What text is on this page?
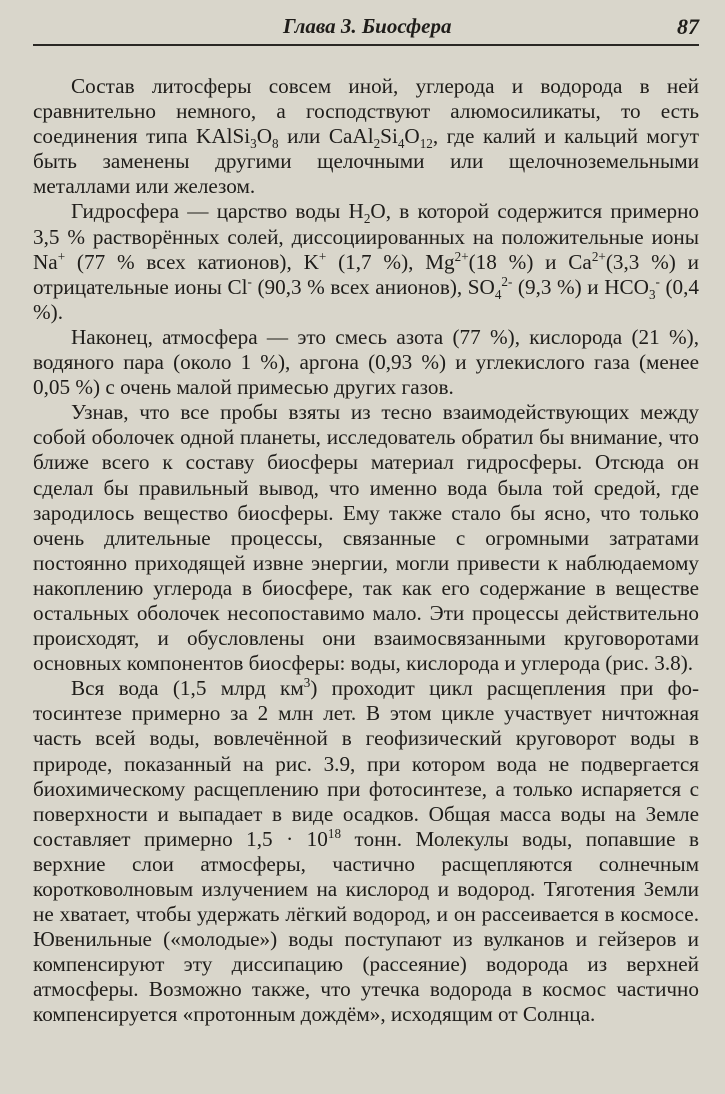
Глава 3. Биосфера	87

Состав литосферы совсем иной, углерода и водорода в ней сравнительно немного, а господствуют алюмосиликаты, то есть соединения типа $KAlSi_3O_8$ или $CaAl_2Si_4O_{12}$, где калий и кальций могут быть заменены другими щелочными или щелочноземельными металлами или железом.

Гидросфера — царство воды $H_2O$, в которой содержится примерно 3,5 % растворённых солей, диссоциированных на положительные ионы Na+ (77 % всех катионов), K+ (1,7 %), $Mg^{2+}(18$ %) и $Ca^{2+}(3,3$ %) и отрицательные ионы Cl- (90,3 % всех анионов), $SO_4^{2-}$ (9,3 %) и $HCO_3^-$ (0,4 %).

Наконец, атмосфера — это смесь азота (77 %), кислорода (21 %), водяного пара (около 1 %), аргона (0,93 %) и углекислого газа (менее 0,05 %) с очень малой примесью других газов.

Узнав, что все пробы взяты из тесно взаимодействующих между собой оболочек одной планеты, исследователь обратил бы внимание, что ближе всего к составу биосферы материал гидросферы. Отсюда он сделал бы правильный вывод, что именно вода была той средой, где зародилось вещество биосферы. Ему также стало бы ясно, что только очень длительные процессы, связанные с огромными затратами постоянно приходящей извне энергии, могли привести к наблюдаемому накоплению углерода в биосфере, так как его содержание в веществе остальных оболочек несопоставимо мало. Эти процессы действительно происходят, и обусловлены они взаимосвязанными круговоротами основных компонентов биосферы: воды, кислорода и углерода (рис. 3.8).

Вся вода (1,5 млрд $км^3$) проходит цикл расщепления при фотосинтезе примерно за 2 млн лет. В этом цикле участвует ничтожная часть всей воды, вовлечённой в геофизический круговорот воды в природе, показанный на рис. 3.9, при котором вода не подвергается биохимическому расщеплению при фотосинтезе, а только испаряется с поверхности и выпадает в виде осадков. Общая масса воды на Земле составляет примерно $1,5 \cdot 10^{18}$ тонн. Молекулы воды, попавшие в верхние слои атмосферы, частично расщепляются солнечным коротковолновым излучением на кислород и водород. Тяготения Земли не хватает, чтобы удержать лёгкий водород, и он рассеивается в космосе. Ювенильные («молодые») воды поступают из вулканов и гейзеров и компенсируют эту диссипацию (рассеяние) водорода из верхней атмосферы. Возможно также, что утечка водорода в космос частично компенсируется «протонным дождём», исходящим от Солнца.
